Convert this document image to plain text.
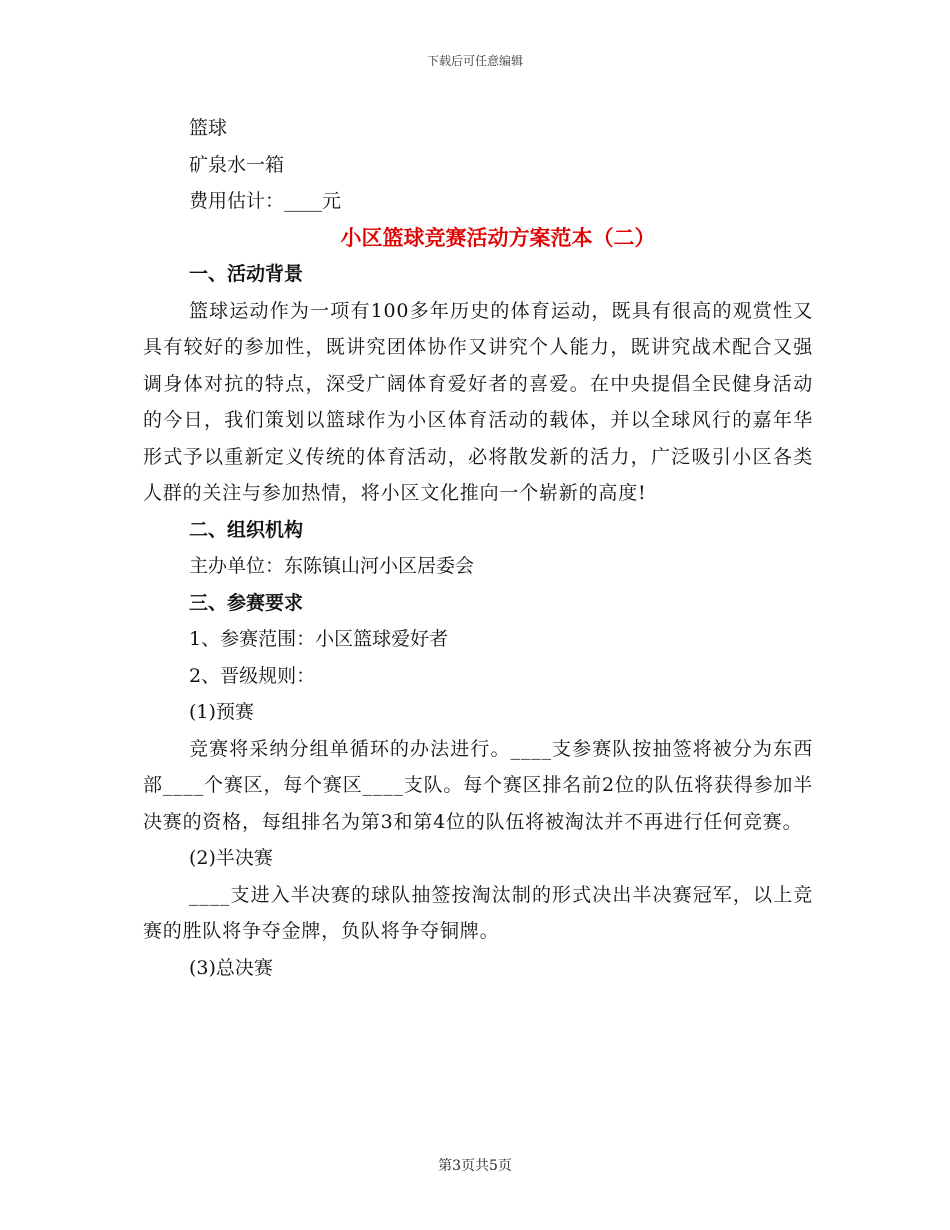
下载后可任意编辑
篮球
矿泉水一箱
费用估计：____元
小区篮球竞赛活动方案范本（二）
一、活动背景

篮球运动作为一项有100多年历史的体育运动，既具有很高的观赏性又具有较好的参加性，既讲究团体协作又讲究个人能力，既讲究战术配合又强调身体对抗的特点，深受广阔体育爱好者的喜爱。在中央提倡全民健身活动的今日，我们策划以篮球作为小区体育活动的载体，并以全球风行的嘉年华形式予以重新定义传统的体育活动，必将散发新的活力，广泛吸引小区各类人群的关注与参加热情，将小区文化推向一个崭新的高度!

二、组织机构
主办单位：东陈镇山河小区居委会
三、参赛要求
1、参赛范围：小区篮球爱好者
2、晋级规则：
(1)预赛

竞赛将采纳分组单循环的办法进行。____支参赛队按抽签将被分为东西部____个赛区，每个赛区____支队。每个赛区排名前2位的队伍将获得参加半决赛的资格，每组排名为第3和第4位的队伍将被淘汰并不再进行任何竞赛。

(2)半决赛

____支进入半决赛的球队抽签按淘汰制的形式决出半决赛冠军，以上竞赛的胜队将争夺金牌，负队将争夺铜牌。

(3)总决赛
第3页共5页
